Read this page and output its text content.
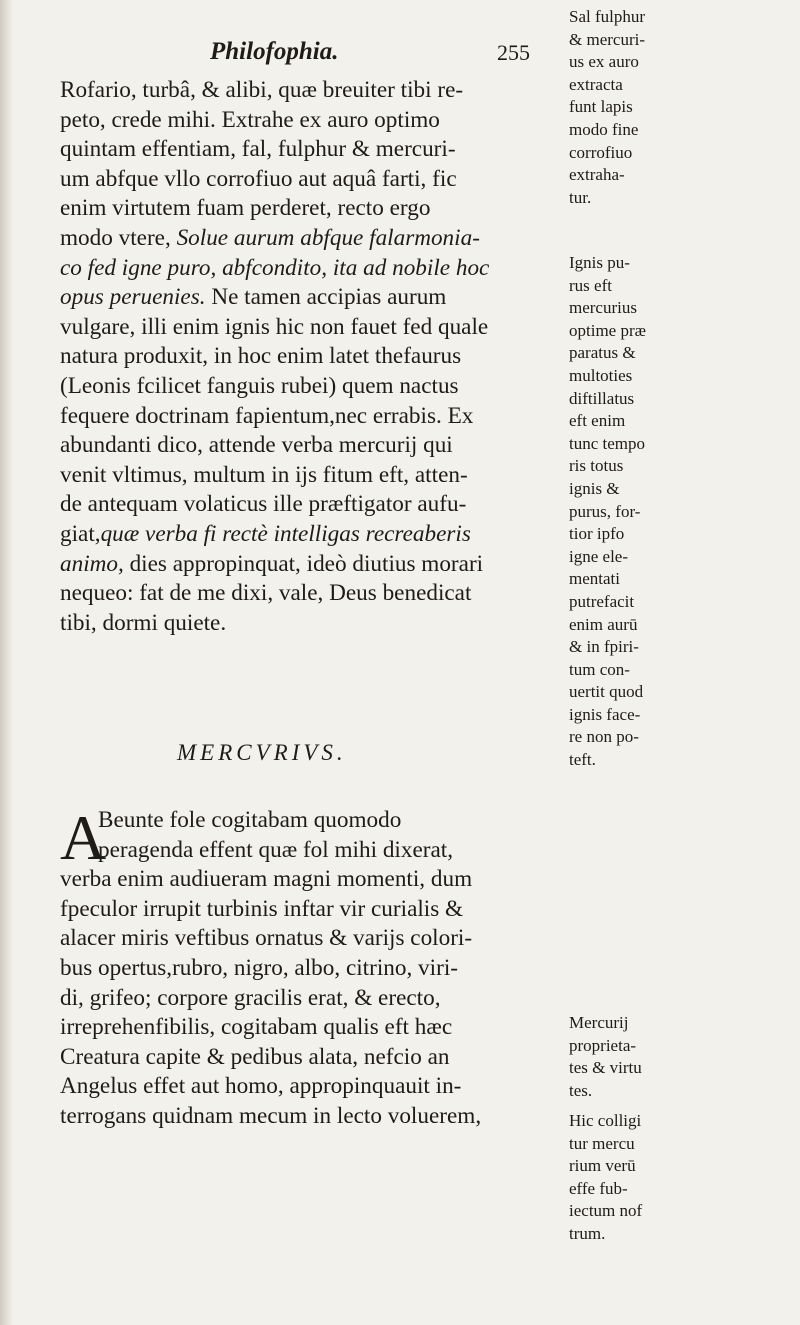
Philofophia.	255
Rofario, turbâ, & alibi, quæ breuiter tibi re-
peto, crede mihi. Extrahe ex auro optimo
quintam effentiam, fal, fulphur & mercuri-
um abfque vllo corrofiuo aut aquâ farti, fic
enim virtutem fuam perderet, recto ergo
modo vtere, Solue aurum abfque falarmonia-
co fed igne puro, abfcondito, ita ad nobile hoc
opus peruenies. Ne tamen accipias aurum
vulgare, illi enim ignis hic non fauet fed quale
natura produxit, in hoc enim latet thefaurus
(Leonis fcilicet fanguis rubei) quem nactus
fequere doctrinam fapientum,nec errabis. Ex
abundanti dico, attende verba mercurij qui
venit vltimus, multum in ijs fitum eft, atten-
de antequam volaticus ille præftigator aufu-
giat,quæ verba fi rectè intelligas recreaberis
animo, dies appropinquat, ideò diutius morari
nequeo: fat de me dixi, vale, Deus benedicat
tibi, dormi quiete.
MERCVRIVS.
A
Beunte fole cogitabam quomodo
peragenda effent quæ fol mihi dixerat,
verba enim audiueram magni momenti, dum
fpeculor irrupit turbinis inftar vir curialis &
alacer miris veftibus ornatus & varijs colori-
bus opertus,rubro, nigro, albo, citrino, viri-
di, grifeo; corpore gracilis erat, & erecto,
irreprehenfibilis, cogitabam qualis eft hæc
Creatura capite & pedibus alata, nefcio an
Angelus effet aut homo, appropinquauit in-
terrogans quidnam mecum in lecto voluerem,
Sal fulphur
& mercuri-
us ex auro
extracta
funt lapis
modo fine
corrofiuo
extraha-
tur.
Ignis pu-
rus eft
mercurius
optime præ
paratus &
multoties
diftillatus
eft enim
tunc tempo
ris totus
ignis &
purus, for-
tior ipfo
igne ele-
mentati
putrefacit
enim aurū
& in fpiri-
tum con-
uertit quod
ignis face-
re non po-
teft.
Mercurij
proprieta-
tes & virtu
tes.
Hic colligi
tur mercu
rium verū
effe fub-
iectum nof
trum.
